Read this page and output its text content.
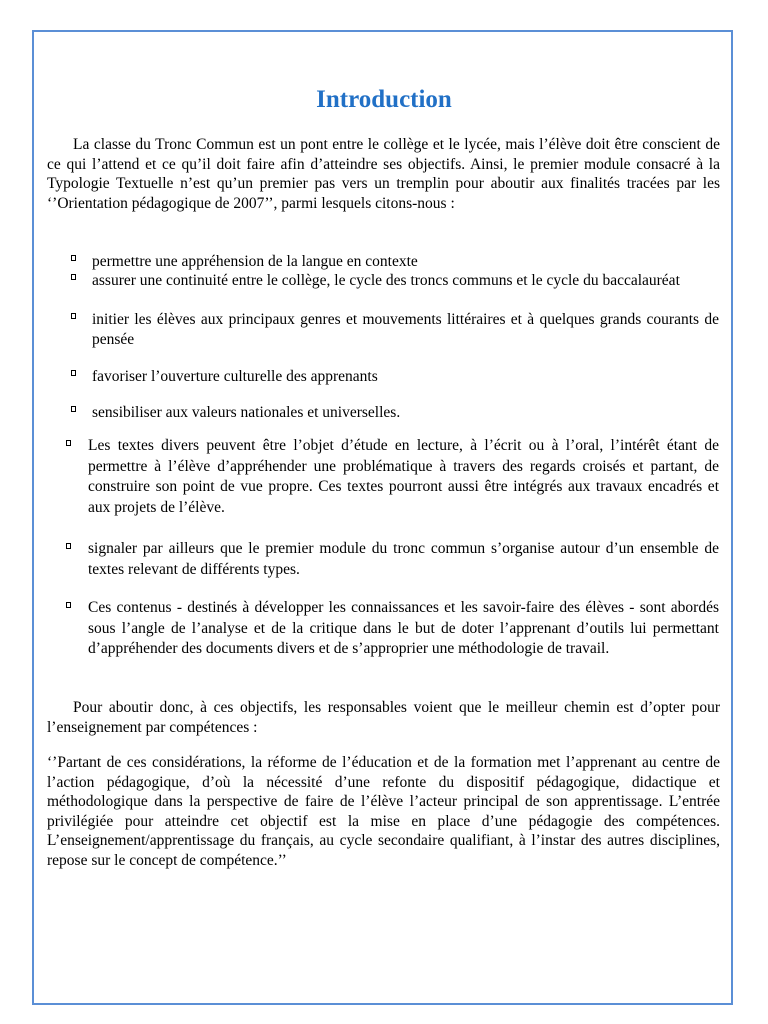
Introduction

La classe du Tronc Commun est un pont entre le collège et le lycée, mais l’élève doit être conscient de ce qui l’attend et ce qu’il doit faire afin d’atteindre ses objectifs. Ainsi, le premier module consacré à la Typologie Textuelle n’est qu’un premier pas vers un tremplin pour aboutir aux finalités tracées par les ‘’Orientation pédagogique de 2007’’, parmi lesquels citons-nous :

permettre une appréhension de la langue en contexte

assurer une continuité entre le collège, le cycle des troncs communs et le cycle du baccalauréat

initier les élèves aux principaux genres et mouvements littéraires et à quelques grands courants de pensée

favoriser l’ouverture culturelle des apprenants

sensibiliser aux valeurs nationales et universelles.

Les textes divers peuvent être l’objet d’étude en lecture, à l’écrit ou à l’oral, l’intérêt étant de permettre à l’élève d’appréhender une problématique à travers des regards croisés et partant, de construire son point de vue propre. Ces textes pourront aussi être intégrés aux travaux encadrés et aux projets de l’élève.

signaler par ailleurs que le premier module du tronc commun s’organise autour d’un ensemble de textes relevant de différents types.

Ces contenus - destinés à développer les connaissances et les savoir-faire des élèves - sont abordés sous l’angle de l’analyse et de la critique dans le but de doter l’apprenant d’outils lui permettant d’appréhender des documents divers et de s’approprier une méthodologie de travail.

Pour aboutir donc, à ces objectifs, les responsables voient que le meilleur chemin est d’opter pour l’enseignement par compétences :

‘’Partant de ces considérations, la réforme de l’éducation et de la formation met l’apprenant au centre de l’action pédagogique, d’où la nécessité d’une refonte du dispositif pédagogique, didactique et méthodologique dans la perspective de faire de l’élève l’acteur principal de son apprentissage. L’entrée privilégiée pour atteindre cet objectif est la mise en place d’une pédagogie des compétences. L’enseignement/apprentissage du français, au cycle secondaire qualifiant, à l’instar des autres disciplines, repose sur le concept de compétence.’’
